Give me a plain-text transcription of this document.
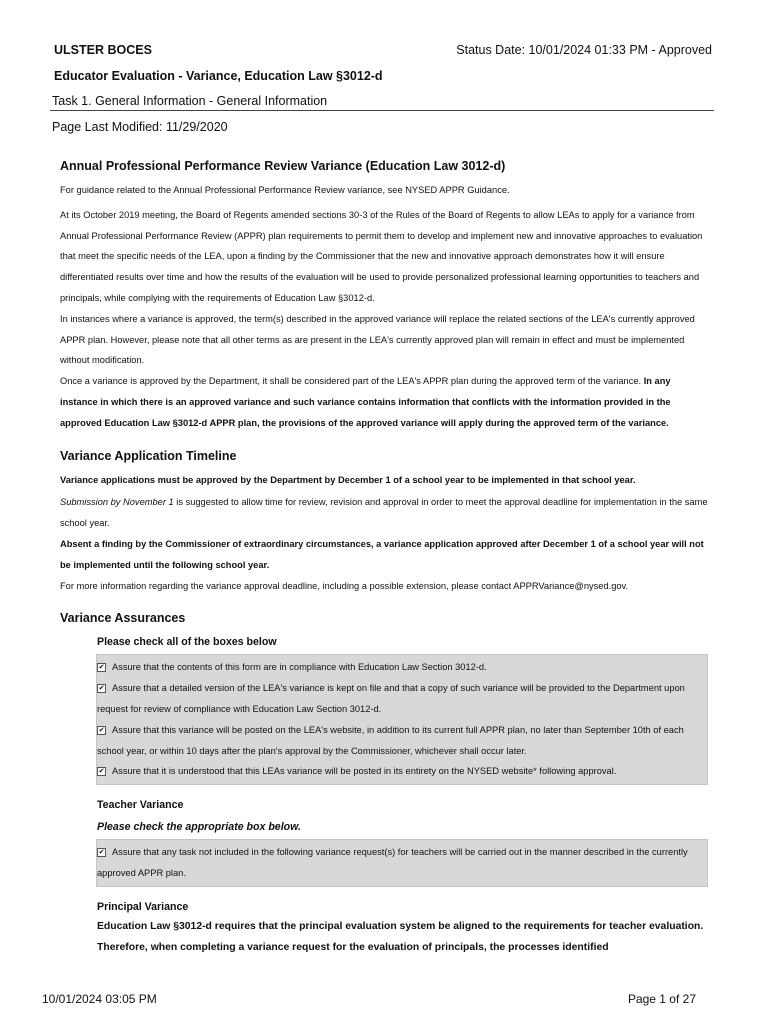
ULSTER BOCES	Status Date: 10/01/2024 01:33 PM - Approved
Educator Evaluation - Variance, Education Law §3012-d
Task 1. General Information - General Information
Page Last Modified: 11/29/2020
Annual Professional Performance Review Variance (Education Law 3012-d)

For guidance related to the Annual Professional Performance Review variance, see NYSED APPR Guidance.

At its October 2019 meeting, the Board of Regents amended sections 30-3 of the Rules of the Board of Regents to allow LEAs to apply for a variance from Annual Professional Performance Review (APPR) plan requirements to permit them to develop and implement new and innovative approaches to evaluation that meet the specific needs of the LEA, upon a finding by the Commissioner that the new and innovative approach demonstrates how it will ensure differentiated results over time and how the results of the evaluation will be used to provide personalized professional learning opportunities to teachers and principals, while complying with the requirements of Education Law §3012-d.

In instances where a variance is approved, the term(s) described in the approved variance will replace the related sections of the LEA's currently approved APPR plan. However, please note that all other terms as are present in the LEA's currently approved plan will remain in effect and must be implemented without modification.

Once a variance is approved by the Department, it shall be considered part of the LEA's APPR plan during the approved term of the variance. In any instance in which there is an approved variance and such variance contains information that conflicts with the information provided in the approved Education Law §3012-d APPR plan, the provisions of the approved variance will apply during the approved term of the variance.

Variance Application Timeline

Variance applications must be approved by the Department by December 1 of a school year to be implemented in that school year.

Submission by November 1 is suggested to allow time for review, revision and approval in order to meet the approval deadline for implementation in the same school year.

Absent a finding by the Commissioner of extraordinary circumstances, a variance application approved after December 1 of a school year will not be implemented until the following school year.

For more information regarding the variance approval deadline, including a possible extension, please contact APPRVariance@nysed.gov.

Variance Assurances

Please check all of the boxes below

✔ Assure that the contents of this form are in compliance with Education Law Section 3012-d.

✔ Assure that a detailed version of the LEA's variance is kept on file and that a copy of such variance will be provided to the Department upon request for review of compliance with Education Law Section 3012-d.

✔ Assure that this variance will be posted on the LEA's website, in addition to its current full APPR plan, no later than September 10th of each school year, or within 10 days after the plan's approval by the Commissioner, whichever shall occur later.

✔ Assure that it is understood that this LEAs variance will be posted in its entirety on the NYSED website* following approval.

Teacher Variance

Please check the appropriate box below.

✔ Assure that any task not included in the following variance request(s) for teachers will be carried out in the manner described in the currently approved APPR plan.

Principal Variance

Education Law §3012-d requires that the principal evaluation system be aligned to the requirements for teacher evaluation. Therefore, when completing a variance request for the evaluation of principals, the processes identified

10/01/2024 03:05 PM	Page 1 of 27
